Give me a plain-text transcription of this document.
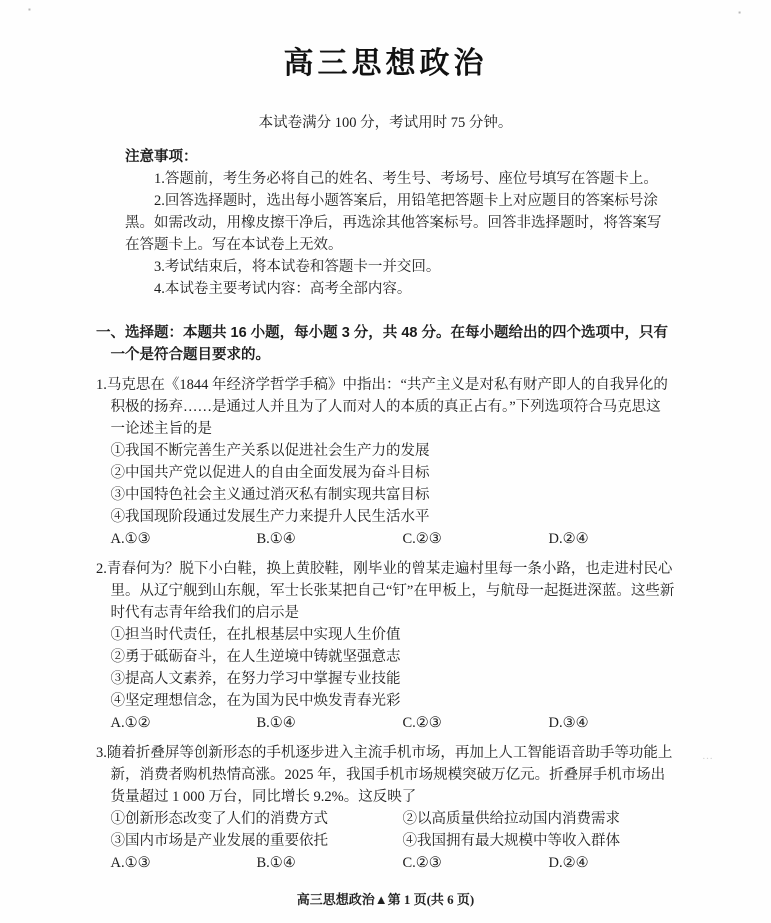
▪	▪
…
高三思想政治

本试卷满分 100 分，考试用时 75 分钟。

注意事项：

1.答题前，考生务必将自己的姓名、考生号、考场号、座位号填写在答题卡上。

2.回答选择题时，选出每小题答案后，用铅笔把答题卡上对应题目的答案标号涂黑。如需改动，用橡皮擦干净后，再选涂其他答案标号。回答非选择题时，将答案写在答题卡上。写在本试卷上无效。

3.考试结束后，将本试卷和答题卡一并交回。

4.本试卷主要考试内容：高考全部内容。

一、选择题：本题共 16 小题，每小题 3 分，共 48 分。在每小题给出的四个选项中，只有一个是符合题目要求的。

1.马克思在《1844 年经济学哲学手稿》中指出：“共产主义是对私有财产即人的自我异化的积极的扬弃……是通过人并且为了人而对人的本质的真正占有。”下列选项符合马克思这一论述主旨的是

①我国不断完善生产关系以促进社会生产力的发展

②中国共产党以促进人的自由全面发展为奋斗目标

③中国特色社会主义通过消灭私有制实现共富目标

④我国现阶段通过发展生产力来提升人民生活水平

A.①③	B.①④	C.②③	D.②④

2.青春何为？脱下小白鞋，换上黄胶鞋，刚毕业的曾某走遍村里每一条小路，也走进村民心里。从辽宁舰到山东舰，军士长张某把自己“钉”在甲板上，与航母一起挺进深蓝。这些新时代有志青年给我们的启示是

①担当时代责任，在扎根基层中实现人生价值

②勇于砥砺奋斗，在人生逆境中铸就坚强意志

③提高人文素养，在努力学习中掌握专业技能

④坚定理想信念，在为国为民中焕发青春光彩

A.①②	B.①④	C.②③	D.③④

3.随着折叠屏等创新形态的手机逐步进入主流手机市场，再加上人工智能语音助手等功能上新，消费者购机热情高涨。2025 年，我国手机市场规模突破万亿元。折叠屏手机市场出货量超过 1 000 万台，同比增长 9.2%。这反映了

①创新形态改变了人们的消费方式	②以高质量供给拉动国内消费需求

③国内市场是产业发展的重要依托	④我国拥有最大规模中等收入群体

A.①③	B.①④	C.②③	D.②④
高三思想政治▲第 1 页(共 6 页)
